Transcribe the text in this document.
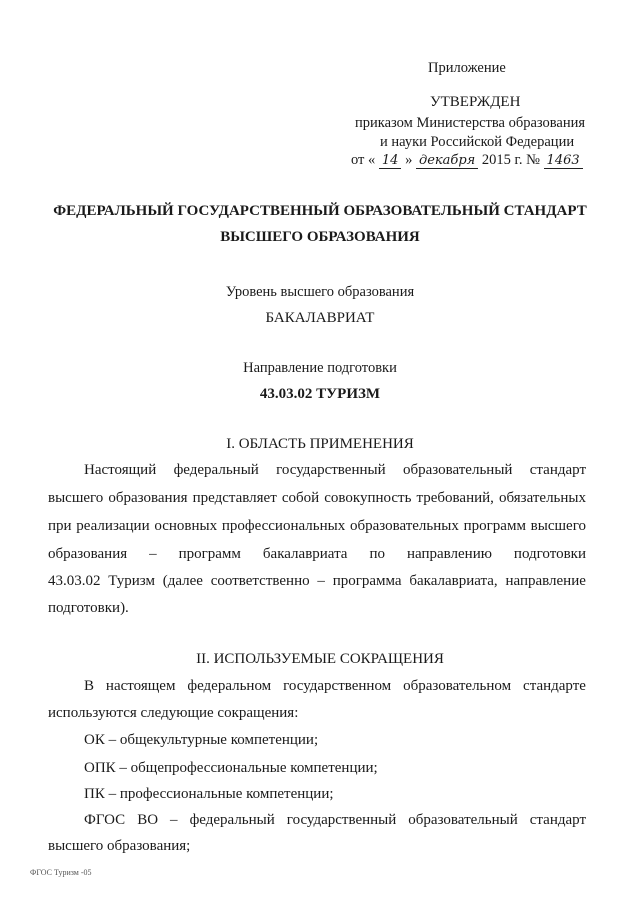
Приложение
УТВЕРЖДЕН
приказом Министерства образования
и науки Российской Федерации
от « 14 » декабря 2015 г. № 1463
ФЕДЕРАЛЬНЫЙ ГОСУДАРСТВЕННЫЙ ОБРАЗОВАТЕЛЬНЫЙ СТАНДАРТ
ВЫСШЕГО ОБРАЗОВАНИЯ
Уровень высшего образования
БАКАЛАВРИАТ
Направление подготовки
43.03.02 ТУРИЗМ
I. ОБЛАСТЬ ПРИМЕНЕНИЯ
Настоящий федеральный государственный образовательный стандарт
высшего образования представляет собой совокупность требований, обязательных
при реализации основных профессиональных образовательных программ высшего
образования – программ бакалавриата по направлению подготовки
43.03.02 Туризм (далее соответственно – программа бакалавриата, направление
подготовки).
II. ИСПОЛЬЗУЕМЫЕ СОКРАЩЕНИЯ
В настоящем федеральном государственном образовательном стандарте
используются следующие сокращения:
ОК – общекультурные компетенции;
ОПК – общепрофессиональные компетенции;
ПК – профессиональные компетенции;
ФГОС ВО – федеральный государственный образовательный стандарт
высшего образования;
ФГОС Туризм -05
